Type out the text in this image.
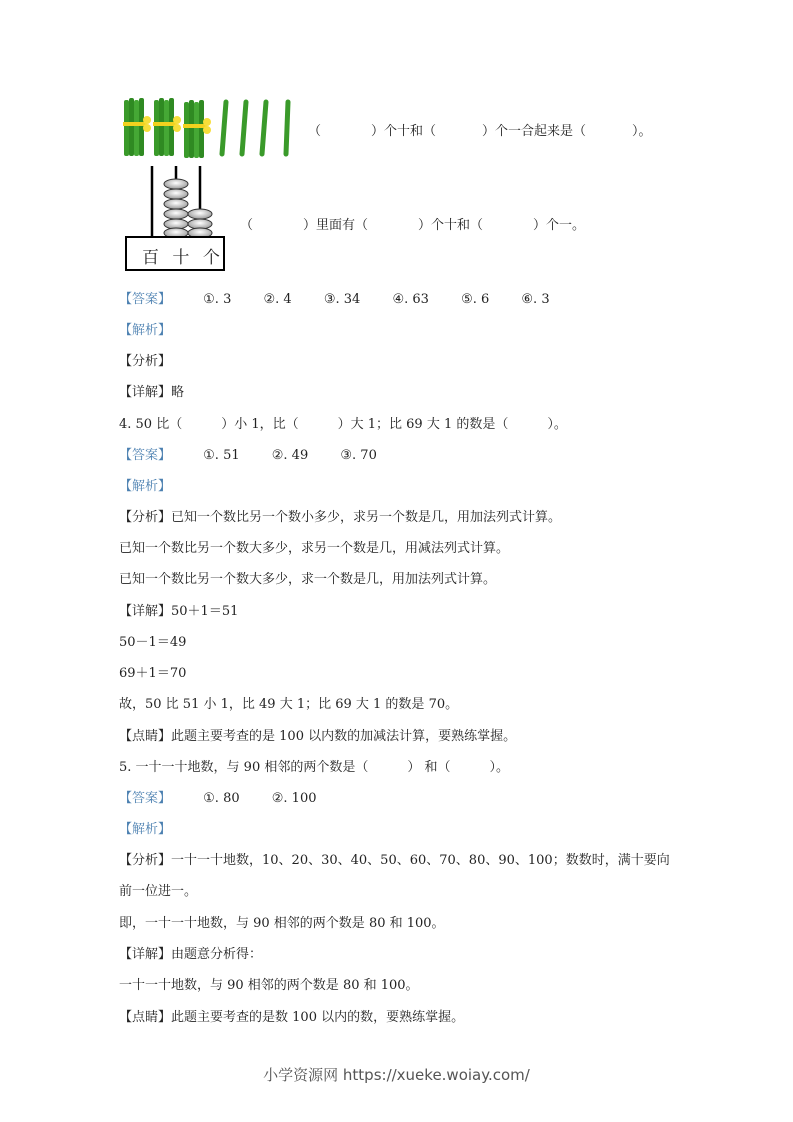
（	）个十和（	）个一合起来是（	）。
百 十 个
（	）里面有（	）个十和（	）个一。
【答案】 ①. 3 ②. 4 ③. 34 ④. 63 ⑤. 6 ⑥. 3
【解析】
【分析】
【详解】略
4. 50 比（　　　）小 1，比（　　　）大 1；比 69 大 1 的数是（　　　）。
【答案】 ①. 51 ②. 49 ③. 70
【解析】
【分析】已知一个数比另一个数小多少，求另一个数是几，用加法列式计算。
已知一个数比另一个数大多少，求另一个数是几，用减法列式计算。
已知一个数比另一个数大多少，求一个数是几，用加法列式计算。
【详解】50＋1＝51
50－1＝49
69＋1＝70
故，50 比 51 小 1，比 49 大 1；比 69 大 1 的数是 70。
【点睛】此题主要考查的是 100 以内数的加减法计算，要熟练掌握。
5. 一十一十地数，与 90 相邻的两个数是（　　　） 和（　　　）。
【答案】 ①. 80 ②. 100
【解析】
【分析】一十一十地数，10、20、30、40、50、60、70、80、90、100；数数时，满十要向
前一位进一。
即，一十一十地数，与 90 相邻的两个数是 80 和 100。
【详解】由题意分析得：
一十一十地数，与 90 相邻的两个数是 80 和 100。
【点睛】此题主要考查的是数 100 以内的数，要熟练掌握。
小学资源网 https://xueke.woiay.com/
